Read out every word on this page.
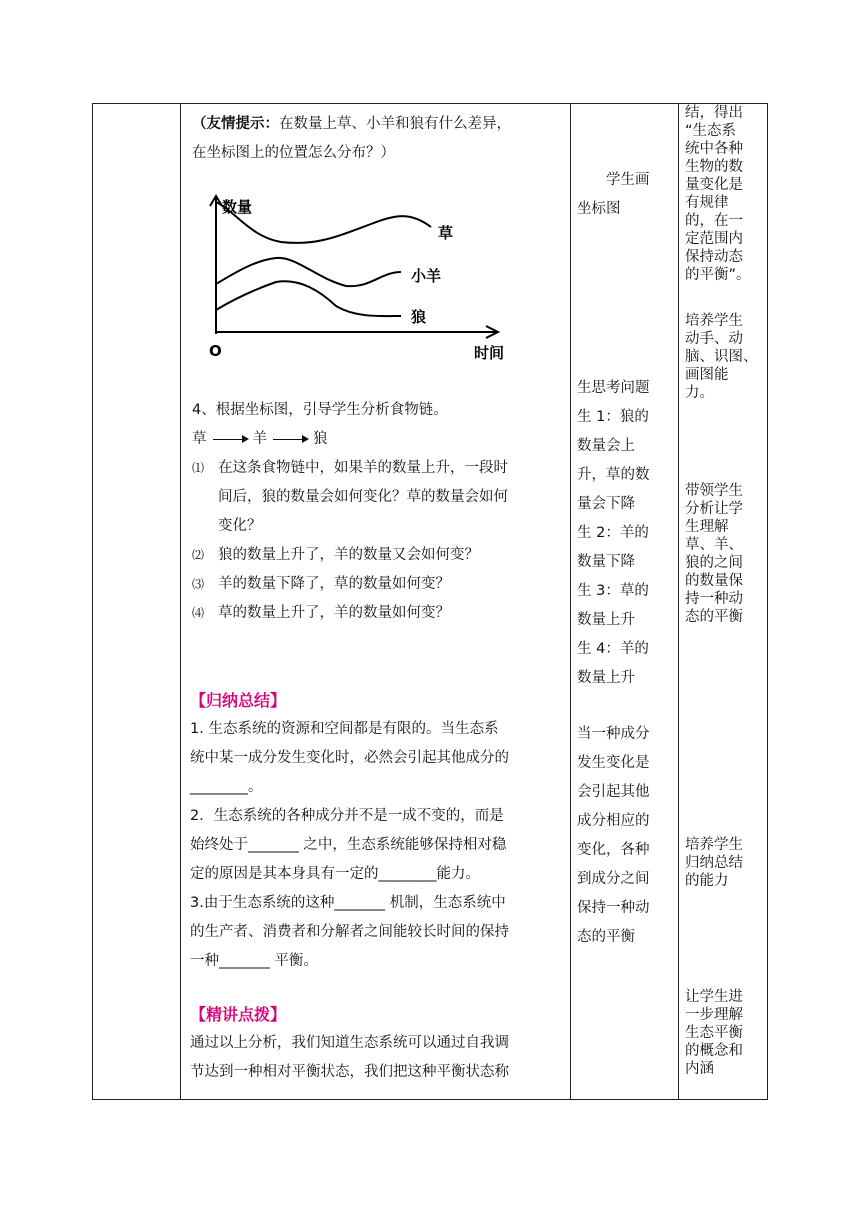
（友情提示：在数量上草、小羊和狼有什么差异，
在坐标图上的位置怎么分布？）
数量
草
小羊
狼
O	时间
4、根据坐标图，引导学生分析食物链。
草	羊	狼
⑴ 在这条食物链中，如果羊的数量上升，一段时
间后，狼的数量会如何变化？草的数量会如何
变化？
⑵ 狼的数量上升了，羊的数量又会如何变？
⑶ 羊的数量下降了，草的数量如何变？
⑷ 草的数量上升了，羊的数量如何变？
【归纳总结】
1. 生态系统的资源和空间都是有限的。当生态系
统中某一成分发生变化时，必然会引起其他成分的
________。
2．生态系统的各种成分并不是一成不变的，而是
始终处于_______ 之中，生态系统能够保持相对稳
定的原因是其本身具有一定的________能力。
3.由于生态系统的这种_______ 机制，生态系统中
的生产者、消费者和分解者之间能较长时间的保持
一种_______ 平衡。
【精讲点拨】
通过以上分析，我们知道生态系统可以通过自我调
节达到一种相对平衡状态，我们把这种平衡状态称
学生画
坐标图
生思考问题
生 1：狼的
数量会上
升，草的数
量会下降
生 2：羊的
数量下降
生 3：草的
数量上升
生 4：羊的
数量上升
当一种成分
发生变化是
会引起其他
成分相应的
变化，各种
到成分之间
保持一种动
态的平衡
结，得出
“生态系
统中各种
生物的数
量变化是
有规律
的，在一
定范围内
保持动态
的平衡”。
培养学生
动手、动
脑、识图、
画图能
力。
带领学生
分析让学
生理解
草、羊、
狼的之间
的数量保
持一种动
态的平衡
培养学生
归纳总结
的能力
让学生进
一步理解
生态平衡
的概念和
内涵
